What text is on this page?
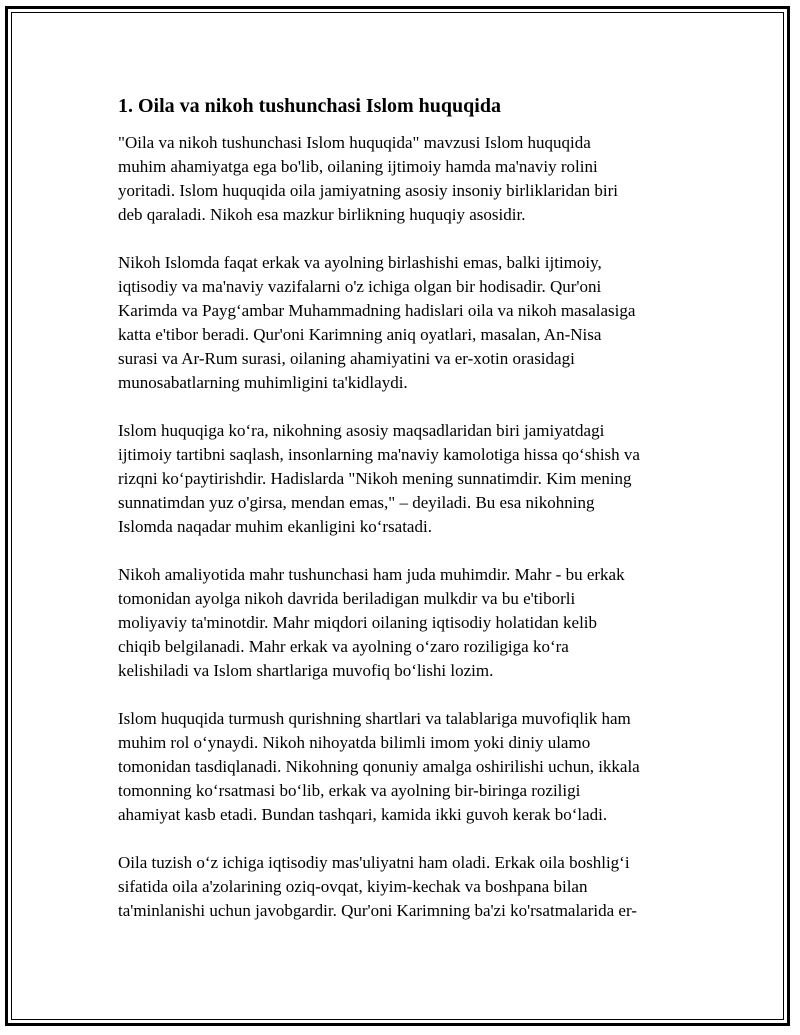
1. Oila va nikoh tushunchasi Islom huquqida

"Oila va nikoh tushunchasi Islom huquqida" mavzusi Islom huquqida
muhim ahamiyatga ega bo'lib, oilaning ijtimoiy hamda ma'naviy rolini
yoritadi. Islom huquqida oila jamiyatning asosiy insoniy birliklaridan biri
deb qaraladi. Nikoh esa mazkur birlikning huquqiy asosidir.

Nikoh Islomda faqat erkak va ayolning birlashishi emas, balki ijtimoiy,
iqtisodiy va ma'naviy vazifalarni o'z ichiga olgan bir hodisadir. Qur'oni
Karimda va Paygʻambar Muhammadning hadislari oila va nikoh masalasiga
katta e'tibor beradi. Qur'oni Karimning aniq oyatlari, masalan, An-Nisa
surasi va Ar-Rum surasi, oilaning ahamiyatini va er-xotin orasidagi
munosabatlarning muhimligini ta'kidlaydi.

Islom huquqiga koʻra, nikohning asosiy maqsadlaridan biri jamiyatdagi
ijtimoiy tartibni saqlash, insonlarning ma'naviy kamolotiga hissa qoʻshish va
rizqni koʻpaytirishdir. Hadislarda "Nikoh mening sunnatimdir. Kim mening
sunnatimdan yuz o'girsa, mendan emas," – deyiladi. Bu esa nikohning
Islomda naqadar muhim ekanligini koʻrsatadi.

Nikoh amaliyotida mahr tushunchasi ham juda muhimdir. Mahr - bu erkak
tomonidan ayolga nikoh davrida beriladigan mulkdir va bu e'tiborli
moliyaviy ta'minotdir. Mahr miqdori oilaning iqtisodiy holatidan kelib
chiqib belgilanadi. Mahr erkak va ayolning oʻzaro roziligiga koʻra
kelishiladi va Islom shartlariga muvofiq boʻlishi lozim.

Islom huquqida turmush qurishning shartlari va talablariga muvofiqlik ham
muhim rol oʻynaydi. Nikoh nihoyatda bilimli imom yoki diniy ulamo
tomonidan tasdiqlanadi. Nikohning qonuniy amalga oshirilishi uchun, ikkala
tomonning koʻrsatmasi boʻlib, erkak va ayolning bir-biringa roziligi
ahamiyat kasb etadi. Bundan tashqari, kamida ikki guvoh kerak boʻladi.

Oila tuzish oʻz ichiga iqtisodiy mas'uliyatni ham oladi. Erkak oila boshligʻi
sifatida oila a'zolarining oziq-ovqat, kiyim-kechak va boshpana bilan
ta'minlanishi uchun javobgardir. Qur'oni Karimning ba'zi ko'rsatmalarida er-
